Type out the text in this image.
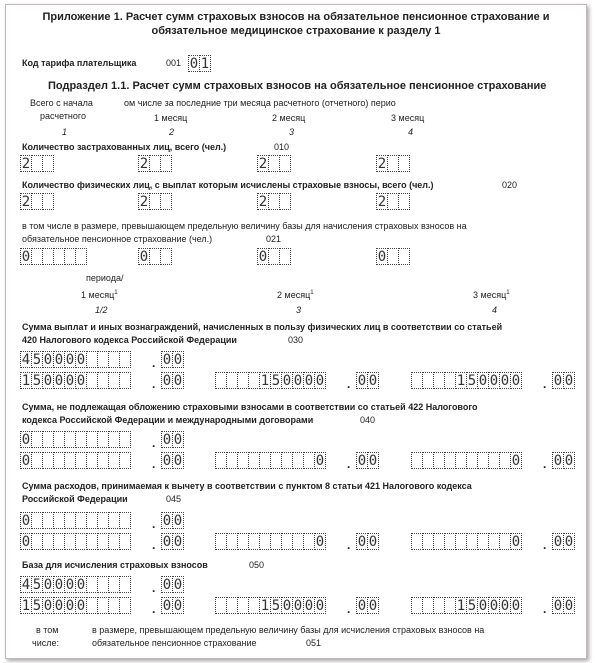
Приложение 1. Расчет сумм страховых взносов на обязательное пенсионное страхование и
обязательное медицинское страхование к разделу 1
Код тарифа плательщика	001 0 1
Подраздел 1.1. Расчет сумм страховых взносов на обязательное пенсионное страхование
Всего с начала
расчетного
ом числе за последние три месяца расчетного (отчетного) перио
1 месяц	2 месяц	3 месяц
1	2	3	4
Количество застрахованных лиц, всего (чел.)	010
2	2	2	2
Количество физических лиц, с выплат которым исчислены страховые взносы, всего (чел.)	020
2	2	2	2
в том числе в размере, превышающем предельную величину базы для начисления страховых взносов на
обязательное пенсионное страхование (чел.)	021
0	0	0	0
периода/
1 месяц$^1$	2 месяц$^1$	3 месяц$^1$
1/2	3	4
Сумма выплат и иных вознаграждений, начисленных в пользу физических лиц в соответствии со статьей
420 Налогового кодекса Российской Федерации	030
4 5 0 0 0 0	. 0 0
1 5 0 0 0 0	. 0 0	1 5 0 0 0 0 . 0 0	1 5 0 0 0 0 . 0 0
Сумма, не подлежащая обложению страховыми взносами в соответствии со статьей 422 Налогового
кодекса Российской Федерации и международными договорами	040
0	. 0 0
0	. 0 0	0 . 0 0	0 . 0 0
Сумма расходов, принимаемая к вычету в соответствии с пунктом 8 статьи 421 Налогового кодекса
Российской Федерации	045
0	. 0 0
0	. 0 0	0 . 0 0	0 . 0 0
База для исчисления страховых взносов	050
4 5 0 0 0 0	. 0 0
1 5 0 0 0 0	. 0 0	1 5 0 0 0 0 . 0 0	1 5 0 0 0 0 . 0 0
в том
числе:
в размере, превышающем предельную величину базы для исчисления страховых взносов на
обязательное пенсионное страхование	051
